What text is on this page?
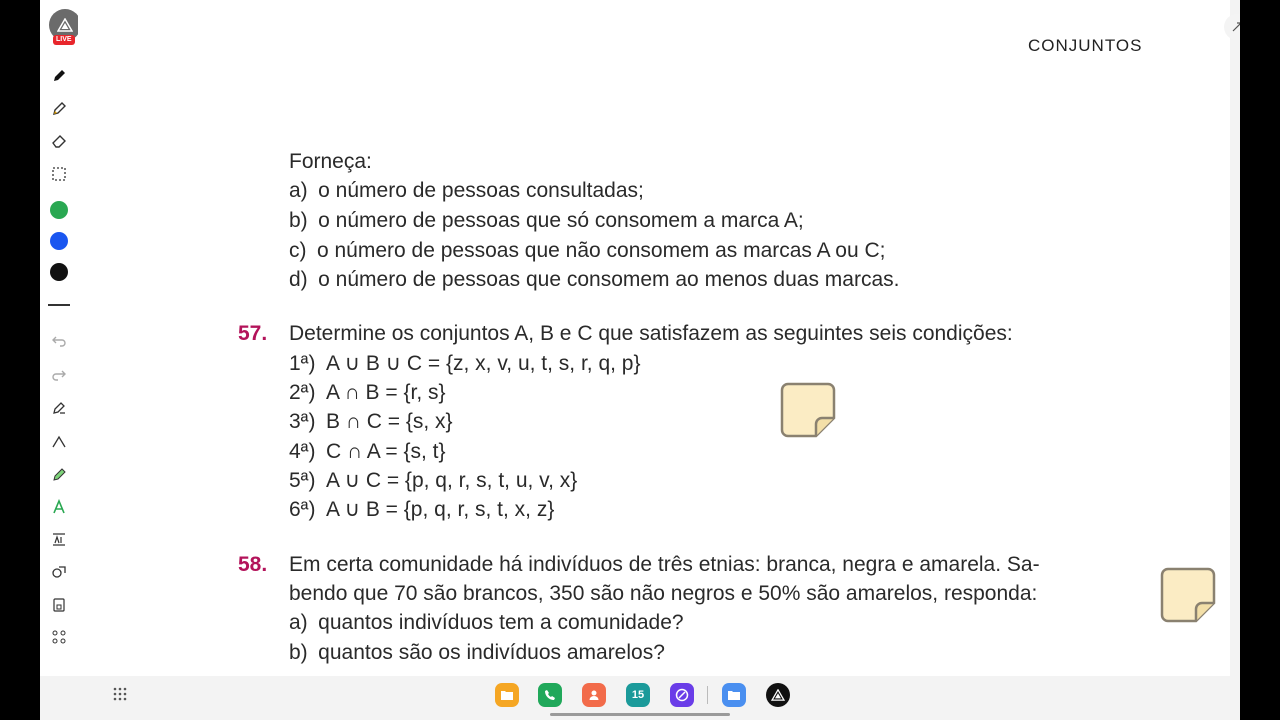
LIVE	CONJUNTOS
Forneça:
a) o número de pessoas consultadas;
b) o número de pessoas que só consomem a marca A;
c) o número de pessoas que não consomem as marcas A ou C;
d) o número de pessoas que consomem ao menos duas marcas.
57. Determine os conjuntos A, B e C que satisfazem as seguintes seis condições:
1ª) A ∪ B ∪ C = {z, x, v, u, t, s, r, q, p}
2ª) A ∩ B = {r, s}
3ª) B ∩ C = {s, x}
4ª) C ∩ A = {s, t}
5ª) A ∪ C = {p, q, r, s, t, u, v, x}
6ª) A ∪ B = {p, q, r, s, t, x, z}
58. Em certa comunidade há indivíduos de três etnias: branca, negra e amarela. Sa-
bendo que 70 são brancos, 350 são não negros e 50% são amarelos, responda:
a) quantos indivíduos tem a comunidade?
b) quantos são os indivíduos amarelos?
15
